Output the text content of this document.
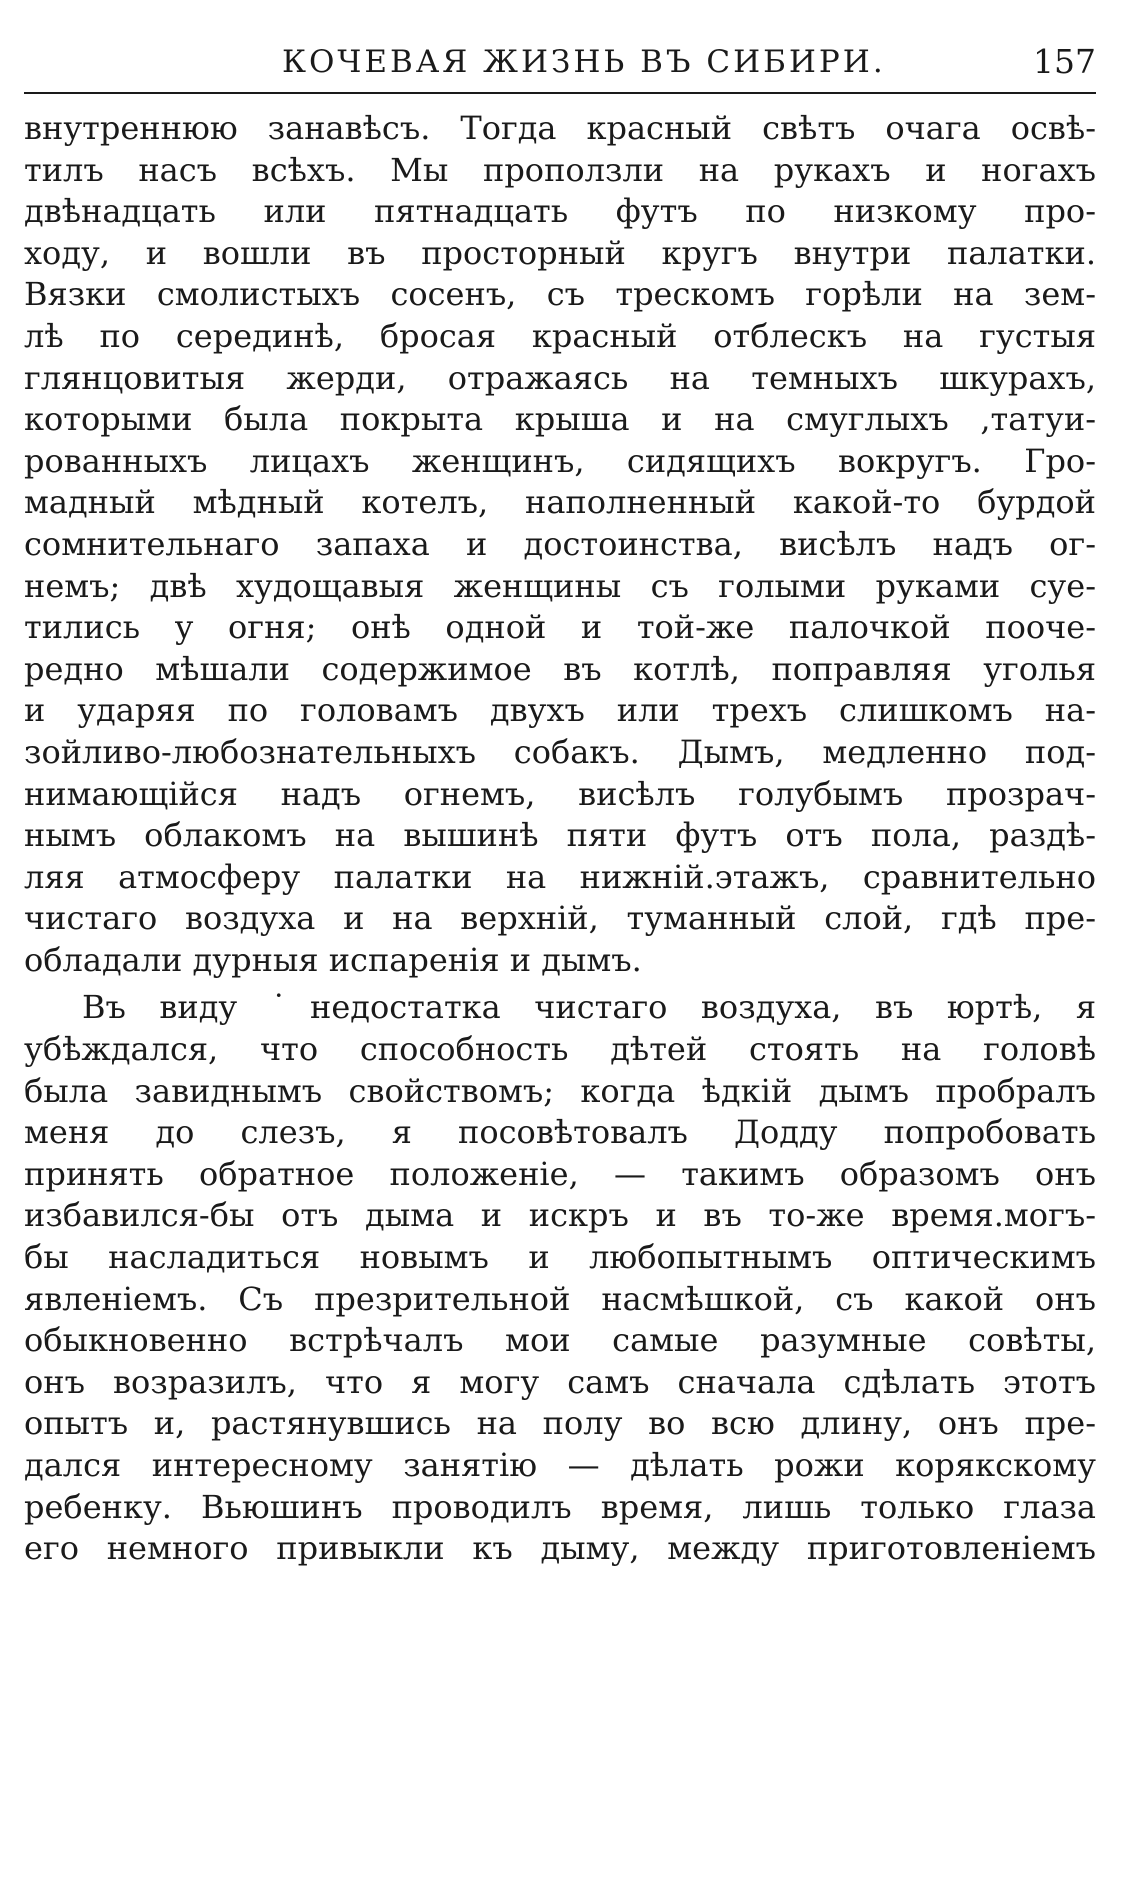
КОЧЕВАЯ ЖИЗНЬ ВЪ СИБИРИ.	157
внутреннюю занавѣсъ. Тогда красный свѣтъ очага освѣ-
тилъ насъ всѣхъ. Мы проползли на рукахъ и ногахъ
двѣнадцать или пятнадцать футъ по низкому про-
ходу, и вошли въ просторный кругъ внутри палатки.
Вязки смолистыхъ сосенъ, съ трескомъ горѣли на зем-
лѣ по серединѣ, бросая красный отблескъ на густыя
глянцовитыя жерди, отражаясь на темныхъ шкурахъ,
которыми была покрыта крыша и на смуглыхъ ,татуи-
рованныхъ лицахъ женщинъ, сидящихъ вокругъ. Гро-
мадный мѣдный котелъ, наполненный какой-то бурдой
сомнительнаго запаха и достоинства, висѣлъ надъ ог-
немъ; двѣ худощавыя женщины съ голыми руками суе-
тились у огня; онѣ одной и той-же палочкой пооче-
редно мѣшали содержимое въ котлѣ, поправляя уголья
и ударяя по головамъ двухъ или трехъ слишкомъ на-
зойливо-любознательныхъ собакъ. Дымъ, медленно под-
нимающійся надъ огнемъ, висѣлъ голубымъ прозрач-
нымъ облакомъ на вышинѣ пяти футъ отъ пола, раздѣ-
ляя атмосферу палатки на нижній.этажъ, сравнительно
чистаго воздуха и на верхній, туманный слой, гдѣ пре-
обладали дурныя испаренія и дымъ.
Въ виду ˙недостатка чистаго воздуха, въ юртѣ, я
убѣждался, что способность дѣтей стоять на головѣ
была завиднымъ свойствомъ; когда ѣдкій дымъ пробралъ
меня до слезъ, я посовѣтовалъ Додду попробовать
принять обратное положеніе, — такимъ образомъ онъ
избавился-бы отъ дыма и искръ и въ то-же время.могъ-
бы насладиться новымъ и любопытнымъ оптическимъ
явленіемъ. Съ презрительной насмѣшкой, съ какой онъ
обыкновенно встрѣчалъ мои самые разумные совѣты,
онъ возразилъ, что я могу самъ сначала сдѣлать этотъ
опытъ и, растянувшись на полу во всю длину, онъ пре-
дался интересному занятію — дѣлать рожи корякскому
ребенку. Вьюшинъ проводилъ время, лишь только глаза
его немного привыкли къ дыму, между приготовленіемъ
